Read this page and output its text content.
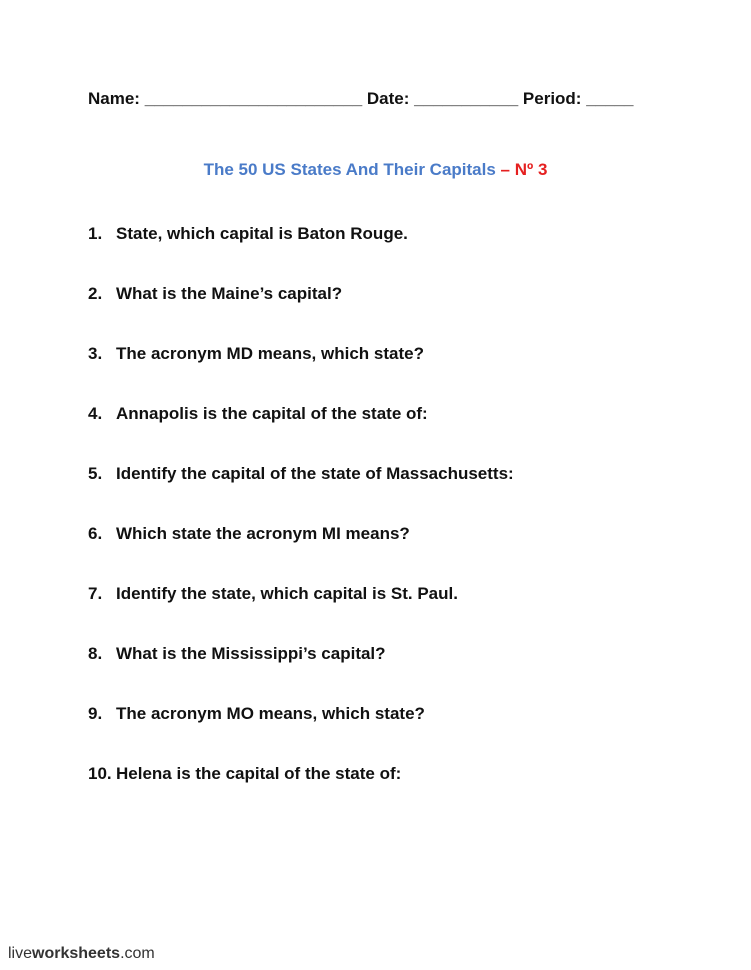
Name: _______________________ Date: ___________ Period: _____
The 50 US States And Their Capitals – Nº 3
1. State, which capital is Baton Rouge.
2. What is the Maine’s capital?
3. The acronym MD means, which state?
4. Annapolis is the capital of the state of:
5. Identify the capital of the state of Massachusetts:
6. Which state the acronym MI means?
7. Identify the state, which capital is St. Paul.
8. What is the Mississippi’s capital?
9. The acronym MO means, which state?
10. Helena is the capital of the state of:
liveworksheets.com
